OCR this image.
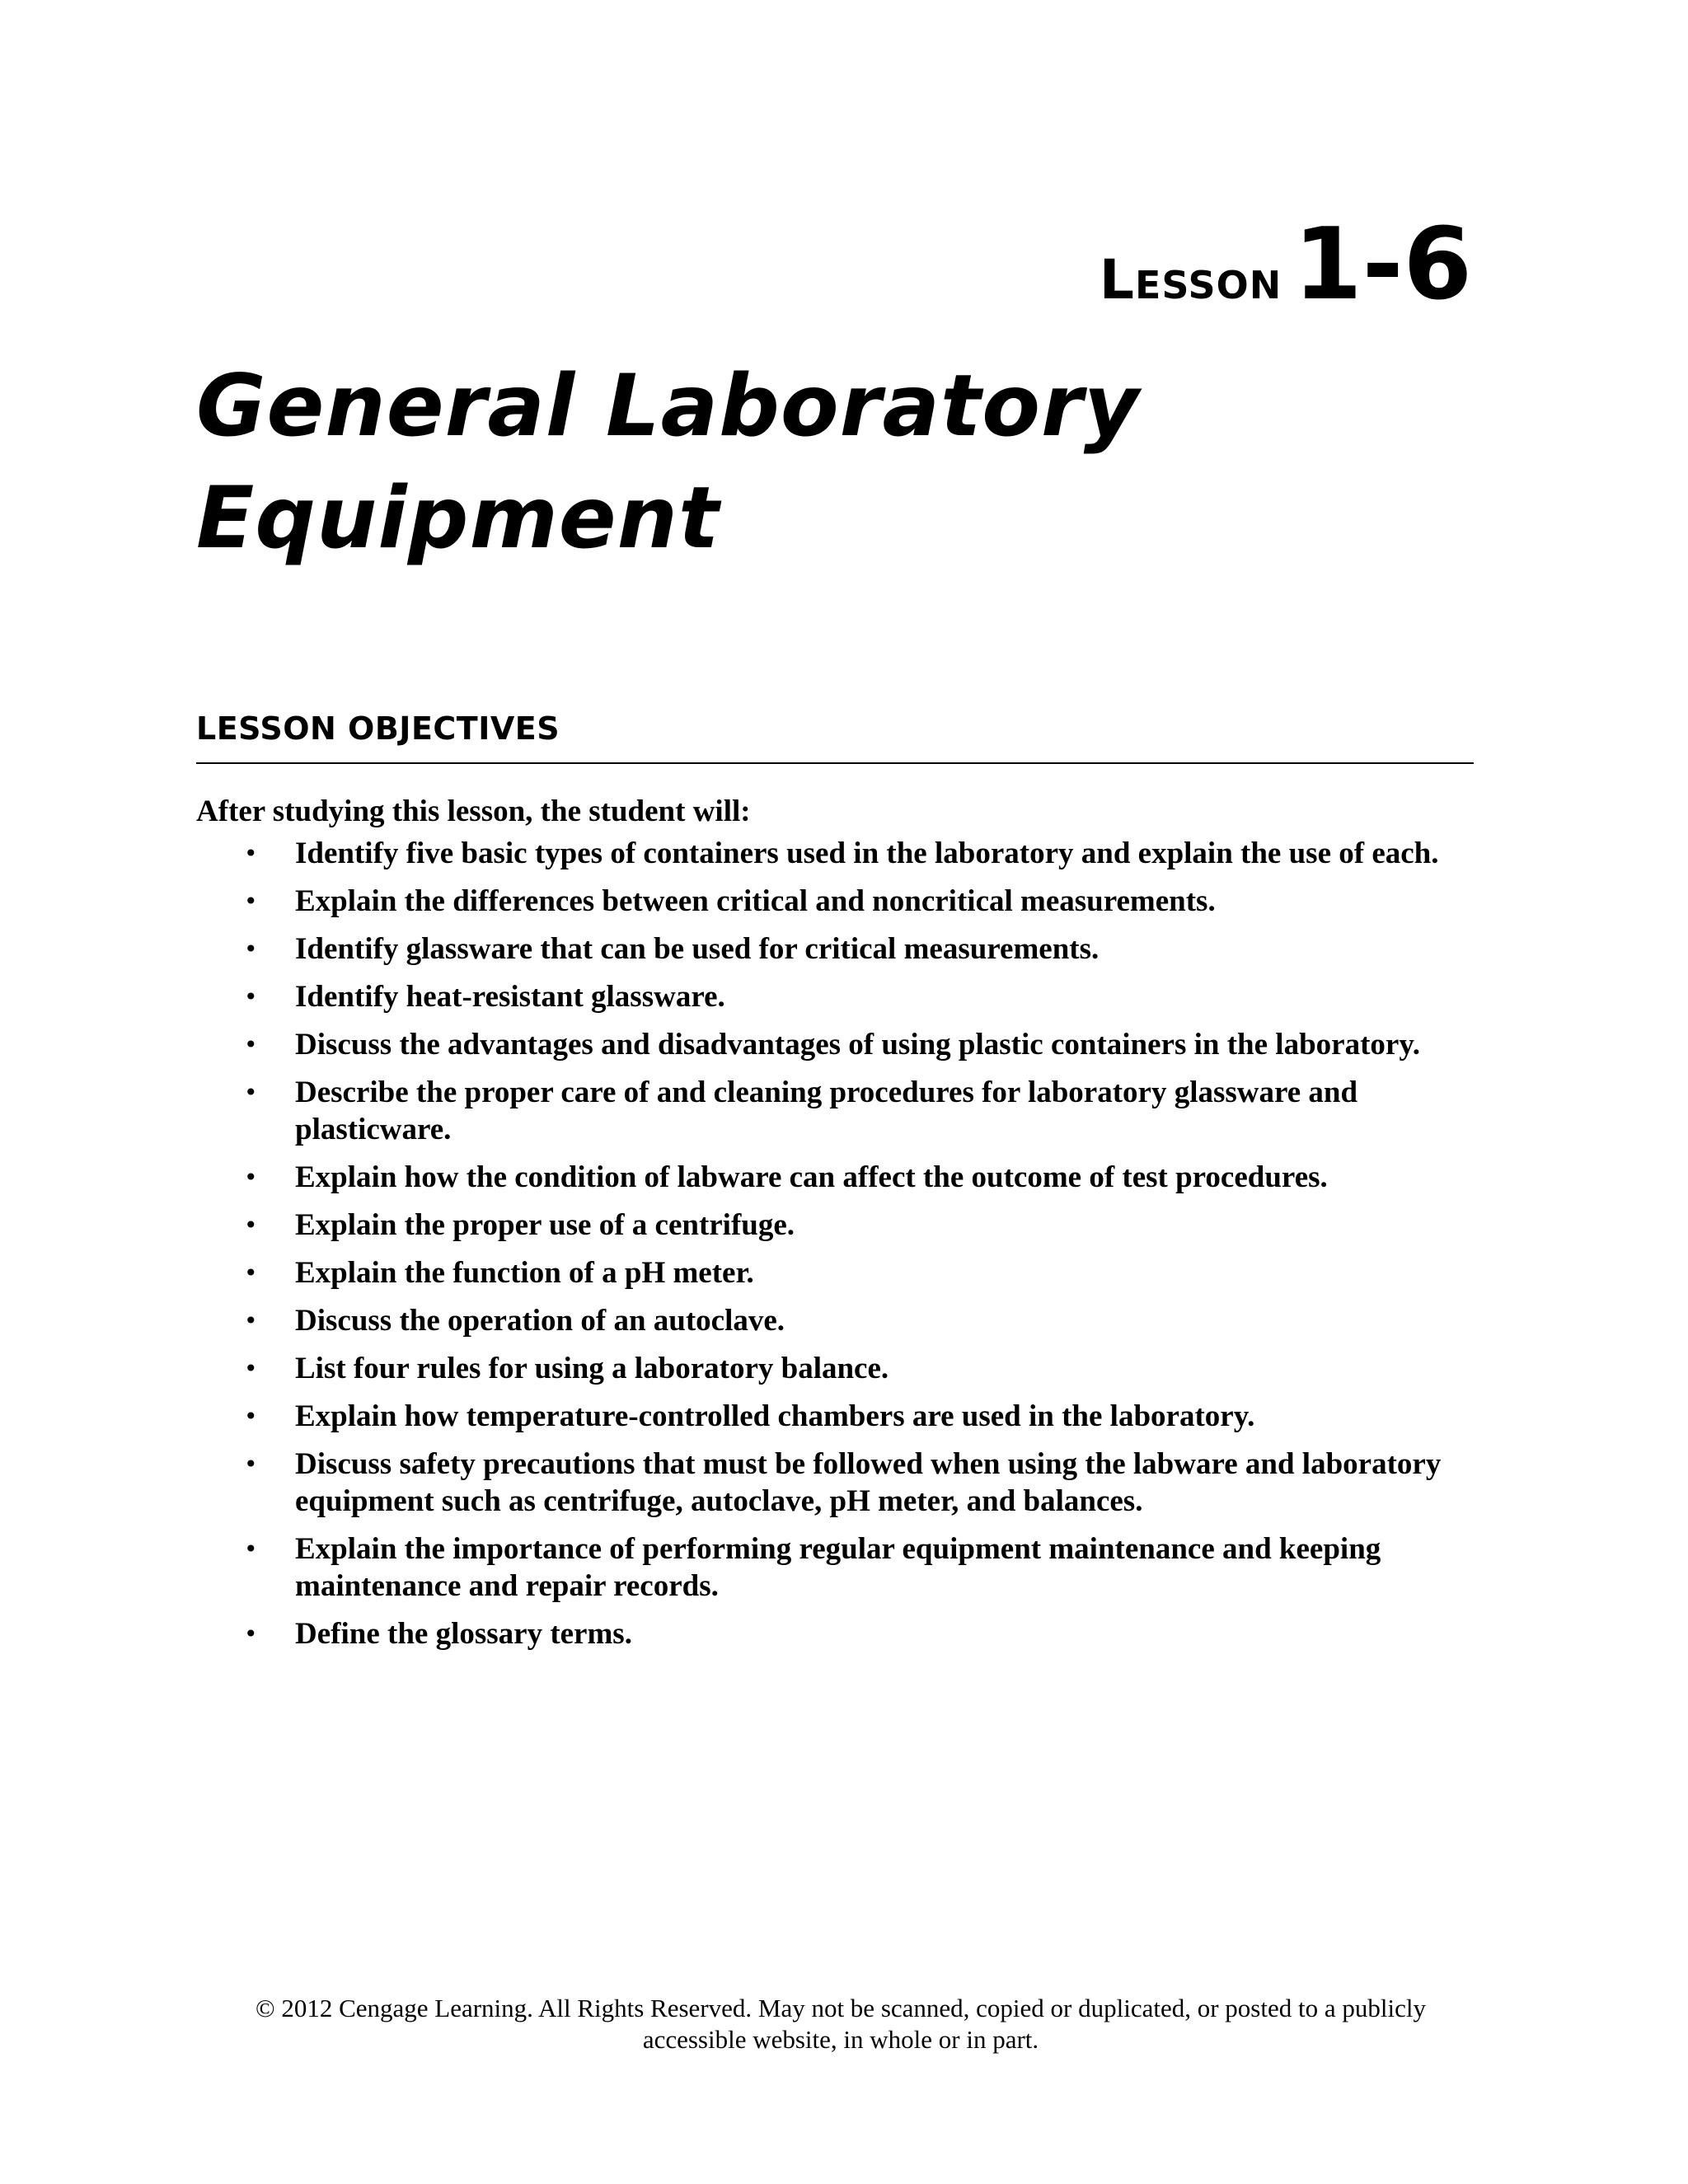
Lesson 1-6
General Laboratory Equipment
LESSON OBJECTIVES

After studying this lesson, the student will:

• Identify five basic types of containers used in the laboratory and explain the use of each.
• Explain the differences between critical and noncritical measurements.
• Identify glassware that can be used for critical measurements.
• Identify heat-resistant glassware.
• Discuss the advantages and disadvantages of using plastic containers in the laboratory.
• Describe the proper care of and cleaning procedures for laboratory glassware and plasticware.
• Explain how the condition of labware can affect the outcome of test procedures.
• Explain the proper use of a centrifuge.
• Explain the function of a pH meter.
• Discuss the operation of an autoclave.
• List four rules for using a laboratory balance.
• Explain how temperature-controlled chambers are used in the laboratory.
• Discuss safety precautions that must be followed when using the labware and laboratory equipment such as centrifuge, autoclave, pH meter, and balances.
• Explain the importance of performing regular equipment maintenance and keeping maintenance and repair records.
• Define the glossary terms.

© 2012 Cengage Learning. All Rights Reserved. May not be scanned, copied or duplicated, or posted to a publicly

accessible website, in whole or in part.
